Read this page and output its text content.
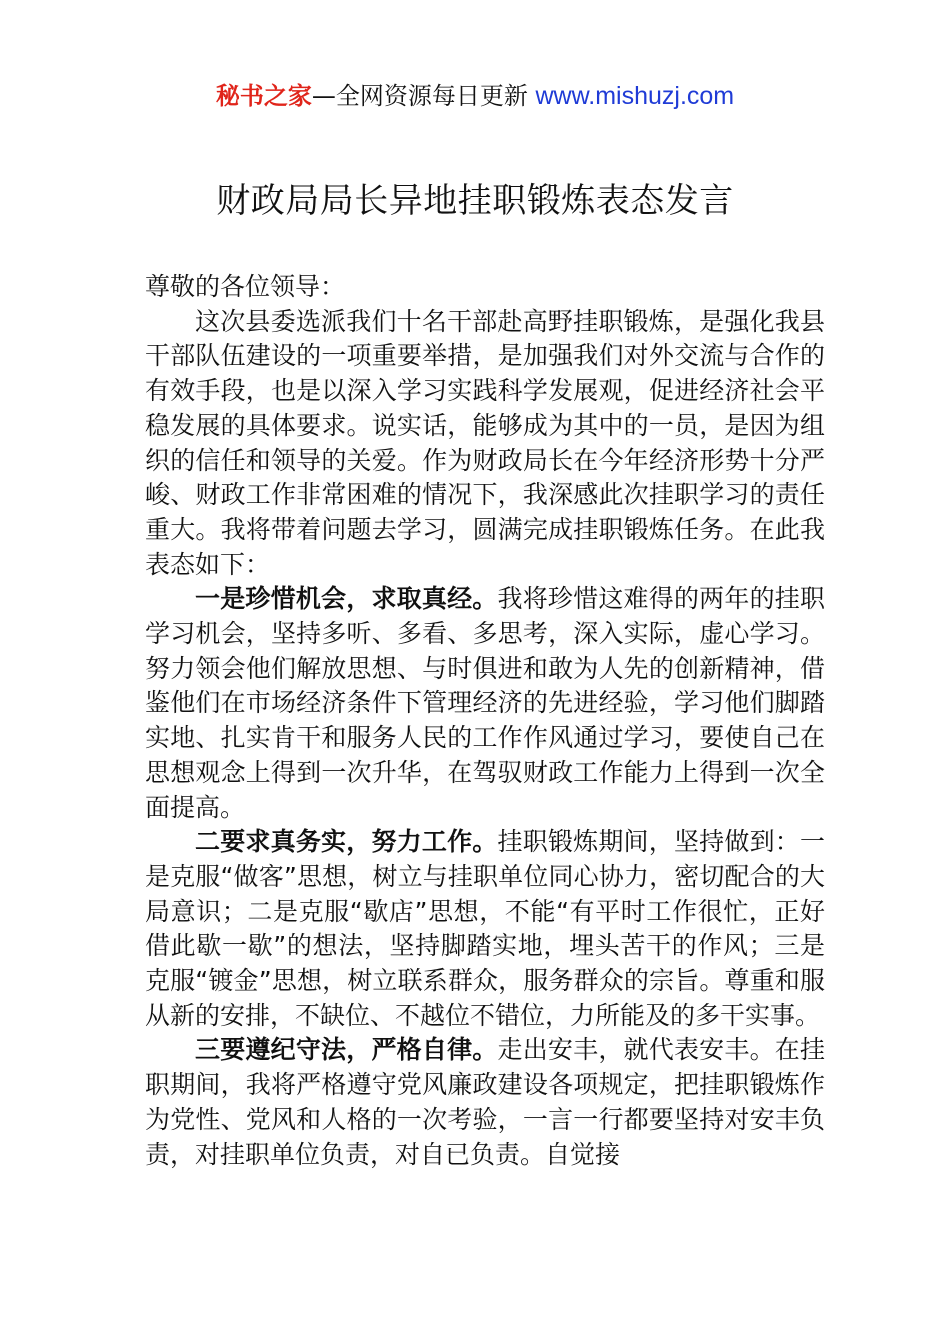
秘书之家—全网资源每日更新 www.mishuzj.com
财政局局长异地挂职锻炼表态发言

尊敬的各位领导：

这次县委选派我们十名干部赴高野挂职锻炼，是强化我县干部队伍建设的一项重要举措，是加强我们对外交流与合作的有效手段，也是以深入学习实践科学发展观，促进经济社会平稳发展的具体要求。说实话，能够成为其中的一员，是因为组织的信任和领导的关爱。作为财政局长在今年经济形势十分严峻、财政工作非常困难的情况下，我深感此次挂职学习的责任重大。我将带着问题去学习，圆满完成挂职锻炼任务。在此我表态如下：

一是珍惜机会，求取真经。我将珍惜这难得的两年的挂职学习机会，坚持多听、多看、多思考，深入实际，虚心学习。努力领会他们解放思想、与时俱进和敢为人先的创新精神，借鉴他们在市场经济条件下管理经济的先进经验，学习他们脚踏实地、扎实肯干和服务人民的工作作风通过学习，要使自己在思想观念上得到一次升华，在驾驭财政工作能力上得到一次全面提高。

二要求真务实，努力工作。挂职锻炼期间，坚持做到：一是克服“做客”思想，树立与挂职单位同心协力，密切配合的大局意识；二是克服“歇店”思想，不能“有平时工作很忙，正好借此歇一歇”的想法，坚持脚踏实地，埋头苦干的作风；三是克服“镀金”思想，树立联系群众，服务群众的宗旨。尊重和服从新的安排，不缺位、不越位不错位，力所能及的多干实事。

三要遵纪守法，严格自律。走出安丰，就代表安丰。在挂职期间，我将严格遵守党风廉政建设各项规定，把挂职锻炼作为党性、党风和人格的一次考验，一言一行都要坚持对安丰负责，对挂职单位负责，对自已负责。自觉接
